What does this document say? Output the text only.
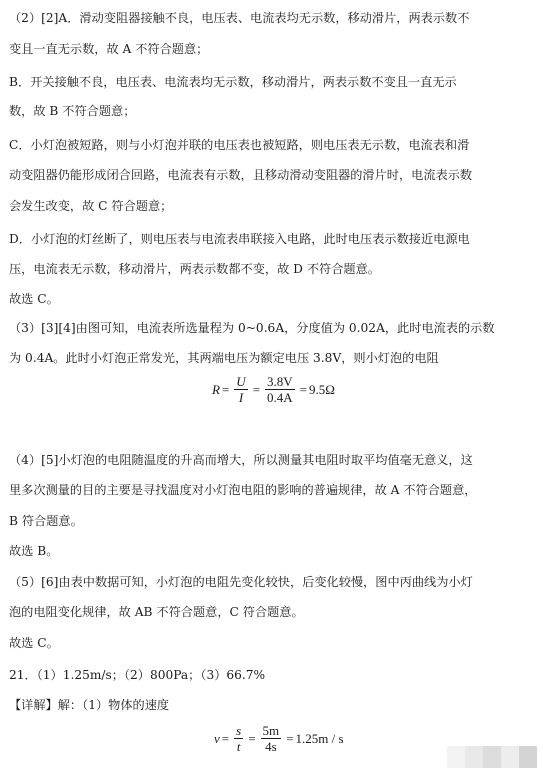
（2）[2]A．滑动变阻器接触不良，电压表、电流表均无示数，移动滑片，两表示数不
变且一直无示数，故 A 不符合题意；
B．开关接触不良，电压表、电流表均无示数，移动滑片，两表示数不变且一直无示
数，故 B 不符合题意；
C．小灯泡被短路，则与小灯泡并联的电压表也被短路，则电压表无示数，电流表和滑
动变阻器仍能形成闭合回路，电流表有示数，且移动滑动变阻器的滑片时，电流表示数
会发生改变，故 C 符合题意；
D．小灯泡的灯丝断了，则电压表与电流表串联接入电路，此时电压表示数接近电源电
压，电流表无示数，移动滑片，两表示数都不变，故 D 不符合题意。
故选 C。
（3）[3][4]由图可知，电流表所选量程为 0~0.6A，分度值为 0.02A，此时电流表的示数
为 0.4A。此时小灯泡正常发光，其两端电压为额定电压 3.8V，则小灯泡的电阻
$R = \frac{U}{I} = \frac{3.8V}{0.4A} = 9.5\Omega$
（4）[5]小灯泡的电阻随温度的升高而增大，所以测量其电阻时取平均值毫无意义，这
里多次测量的目的主要是寻找温度对小灯泡电阻的影响的普遍规律，故 A 不符合题意，
B 符合题意。
故选 B。
（5）[6]由表中数据可知，小灯泡的电阻先变化较快，后变化较慢，图中丙曲线为小灯
泡的电阻变化规律，故 AB 不符合题意，C 符合题意。
故选 C。
21．（1）1.25m/s；（2）800Pa；（3）66.7%
【详解】解：（1）物体的速度
$v = \frac{s}{t} = \frac{5m}{4s} = 1.25m / s$
